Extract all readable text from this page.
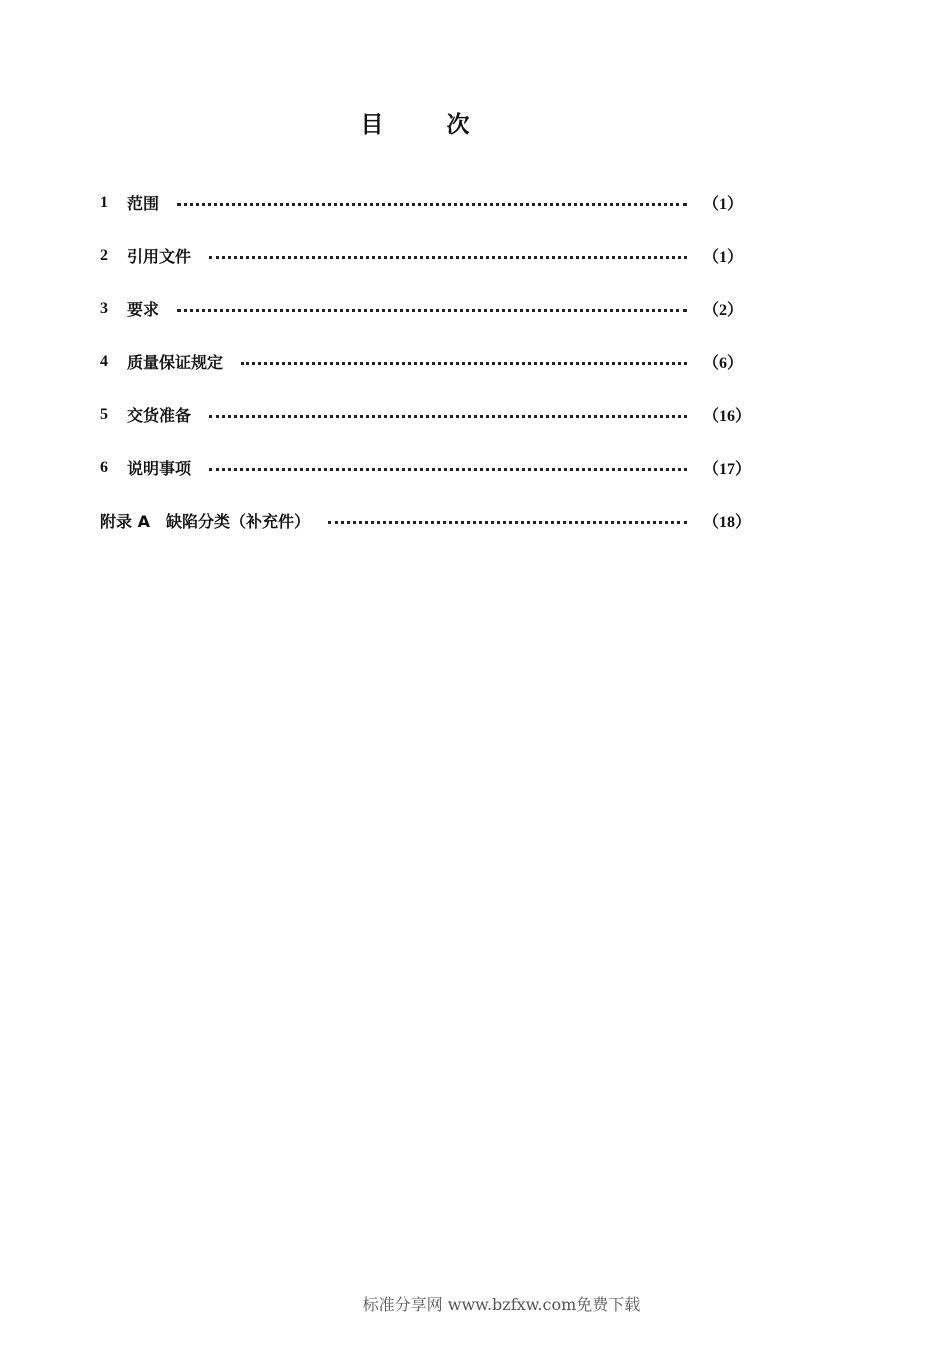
目　次
1	范围	（1）
2	引用文件	（1）
3	要求	（2）
4	质量保证规定	（6）
5	交货准备	（16）
6	说明事项	（17）
附录 A　缺陷分类（补充件）	（18）
标准分享网 www.bzfxw.com免费下载
